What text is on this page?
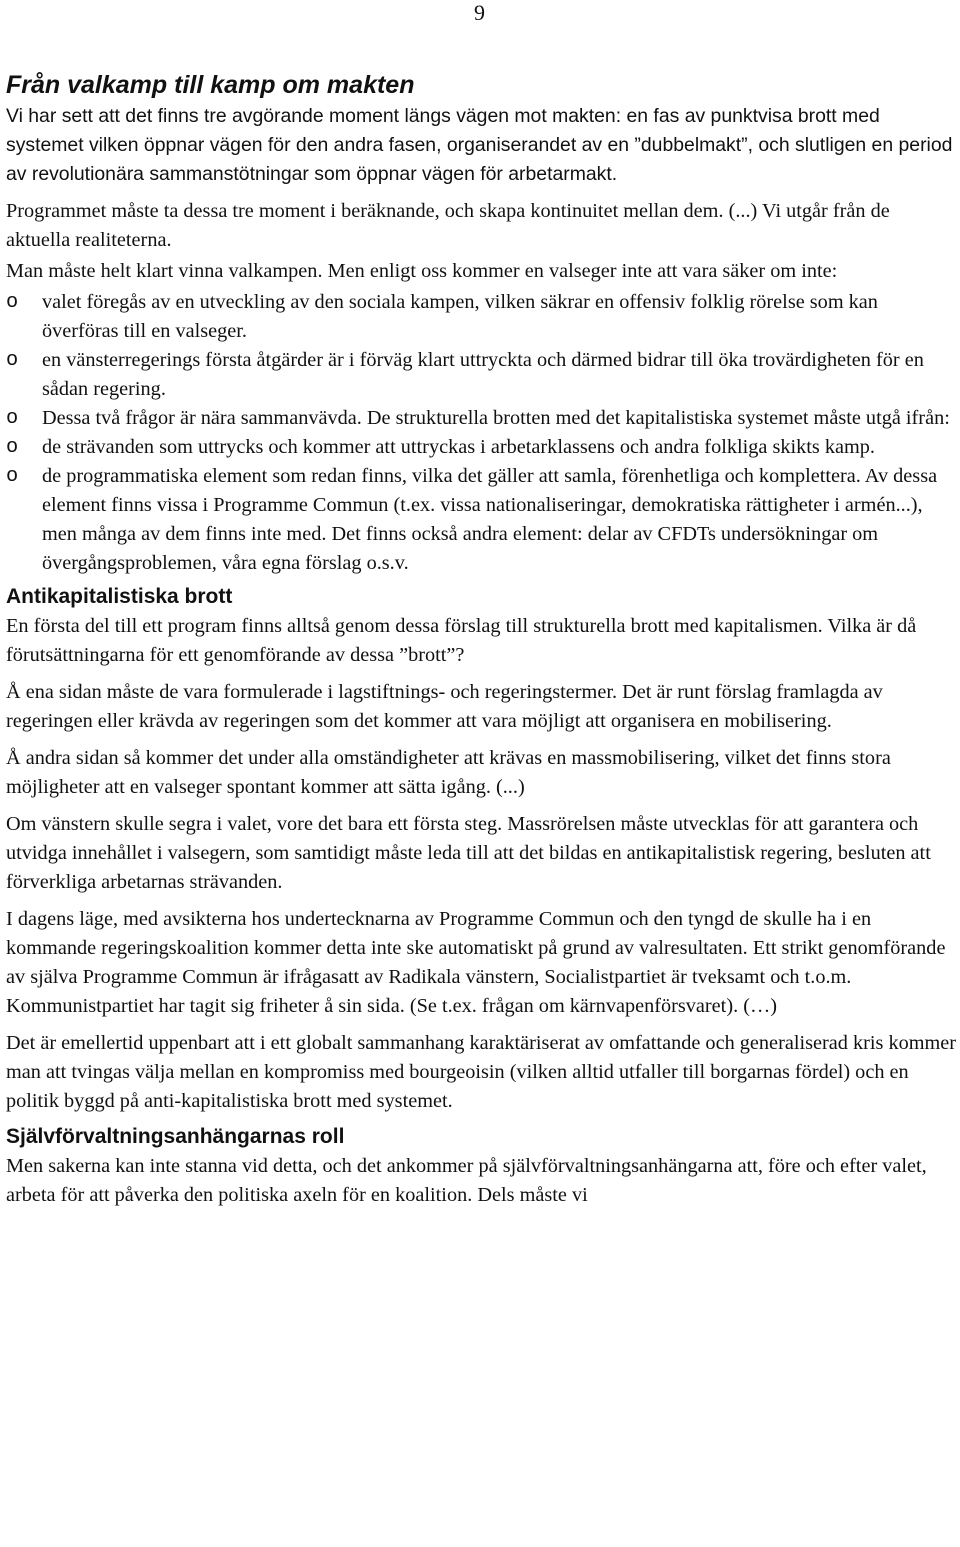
9
Från valkamp till kamp om makten
Vi har sett att det finns tre avgörande moment längs vägen mot makten: en fas av punktvisa brott med systemet vilken öppnar vägen för den andra fasen, organiserandet av en ”dubbelmakt”, och slutligen en period av revolutionära sammanstötningar som öppnar vägen för arbetarmakt.

Programmet måste ta dessa tre moment i beräknande, och skapa kontinuitet mellan dem. (...) Vi utgår från de aktuella realiteterna.

Man måste helt klart vinna valkampen. Men enligt oss kommer en valseger inte att vara säker om inte:

o valet föregås av en utveckling av den sociala kampen, vilken säkrar en offensiv folklig rörelse som kan överföras till en valseger.
o en vänsterregerings första åtgärder är i förväg klart uttryckta och därmed bidrar till öka trovärdigheten för en sådan regering.
o Dessa två frågor är nära sammanvävda. De strukturella brotten med det kapitalistiska systemet måste utgå ifrån:
o de strävanden som uttrycks och kommer att uttryckas i arbetarklassens och andra folkliga skikts kamp.
o de programmatiska element som redan finns, vilka det gäller att samla, förenhetliga och komplettera. Av dessa element finns vissa i Programme Commun (t.ex. vissa nationaliseringar, demokratiska rättigheter i armén...), men många av dem finns inte med. Det finns också andra element: delar av CFDTs undersökningar om övergångsproblemen, våra egna förslag o.s.v.
Antikapitalistiska brott

En första del till ett program finns alltså genom dessa förslag till strukturella brott med kapitalismen. Vilka är då förutsättningarna för ett genomförande av dessa ”brott”?

Å ena sidan måste de vara formulerade i lagstiftnings- och regeringstermer. Det är runt förslag framlagda av regeringen eller krävda av regeringen som det kommer att vara möjligt att organisera en mobilisering.

Å andra sidan så kommer det under alla omständigheter att krävas en massmobilisering, vilket det finns stora möjligheter att en valseger spontant kommer att sätta igång. (...)

Om vänstern skulle segra i valet, vore det bara ett första steg. Massrörelsen måste utvecklas för att garantera och utvidga innehållet i valsegern, som samtidigt måste leda till att det bildas en antikapitalistisk regering, besluten att förverkliga arbetarnas strävanden.

I dagens läge, med avsikterna hos undertecknarna av Programme Commun och den tyngd de skulle ha i en kommande regeringskoalition kommer detta inte ske automatiskt på grund av valresultaten. Ett strikt genomförande av själva Programme Commun är ifrågasatt av Radikala vänstern, Socialistpartiet är tveksamt och t.o.m. Kommunistpartiet har tagit sig friheter å sin sida. (Se t.ex. frågan om kärnvapenförsvaret). (…)

Det är emellertid uppenbart att i ett globalt sammanhang karaktäriserat av omfattande och generaliserad kris kommer man att tvingas välja mellan en kompromiss med bourgeoisin (vilken alltid utfaller till borgarnas fördel) och en politik byggd på anti-kapitalistiska brott med systemet.

Självförvaltningsanhängarnas roll

Men sakerna kan inte stanna vid detta, och det ankommer på självförvaltningsanhängarna att, före och efter valet, arbeta för att påverka den politiska axeln för en koalition. Dels måste vi
